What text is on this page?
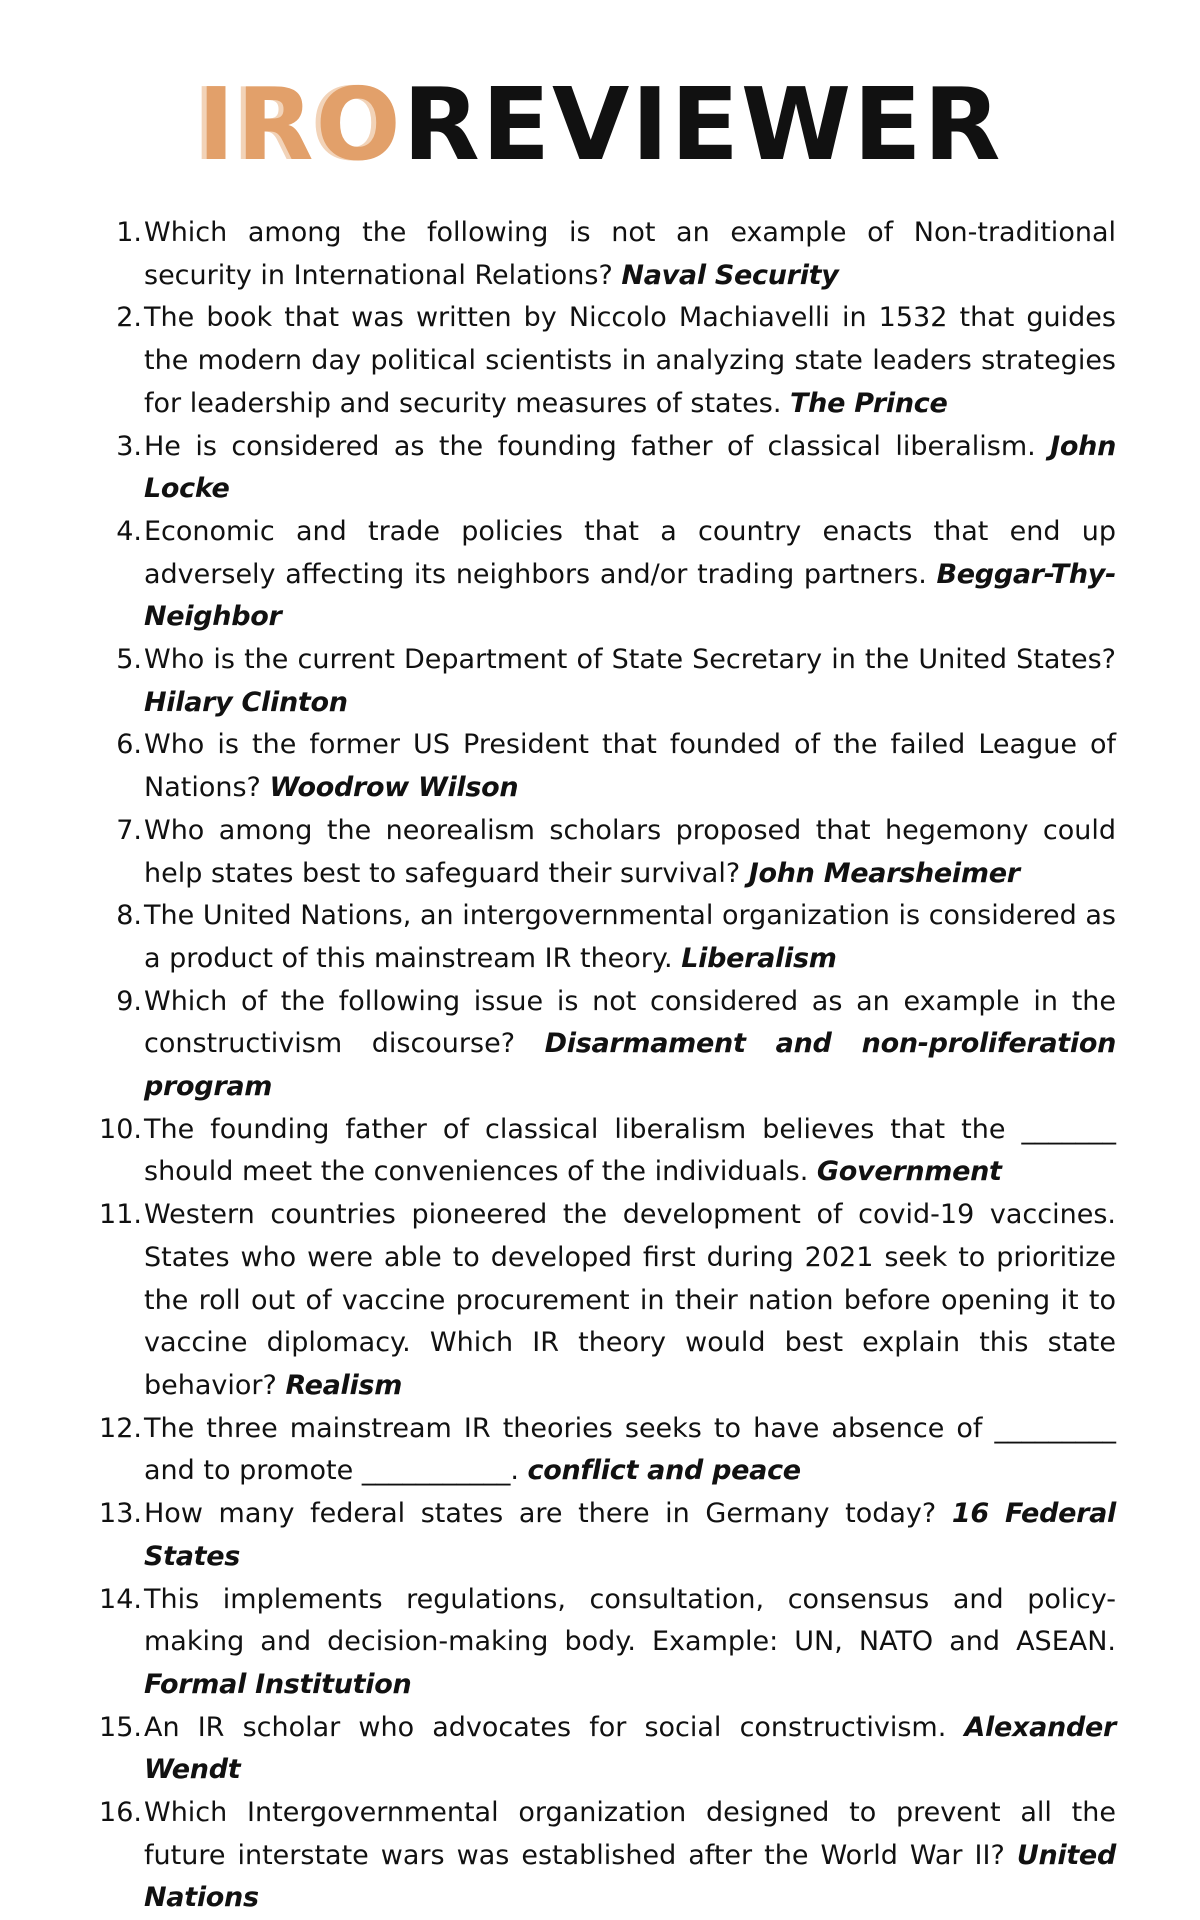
IROREVIEWER
1. Which among the following is not an example of Non-traditional security in International Relations? Naval Security
2. The book that was written by Niccolo Machiavelli in 1532 that guides the modern day political scientists in analyzing state leaders strategies for leadership and security measures of states. The Prince
3. He is considered as the founding father of classical liberalism. John Locke
4. Economic and trade policies that a country enacts that end up adversely affecting its neighbors and/or trading partners. Beggar-Thy-Neighbor
5. Who is the current Department of State Secretary in the United States? Hilary Clinton
6. Who is the former US President that founded of the failed League of Nations? Woodrow Wilson
7. Who among the neorealism scholars proposed that hegemony could help states best to safeguard their survival? John Mearsheimer
8. The United Nations, an intergovernmental organization is considered as a product of this mainstream IR theory. Liberalism
9. Which of the following issue is not considered as an example in the constructivism discourse? Disarmament and non-proliferation program
10. The founding father of classical liberalism believes that the _______ should meet the conveniences of the individuals. Government
11. Western countries pioneered the development of covid-19 vaccines. States who were able to developed first during 2021 seek to prioritize the roll out of vaccine procurement in their nation before opening it to vaccine diplomacy. Which IR theory would best explain this state behavior? Realism
12. The three mainstream IR theories seeks to have absence of _________ and to promote ___________. conflict and peace
13. How many federal states are there in Germany today? 16 Federal States
14. This implements regulations, consultation, consensus and policy-making and decision-making body. Example: UN, NATO and ASEAN. Formal Institution
15. An IR scholar who advocates for social constructivism. Alexander Wendt
16. Which Intergovernmental organization designed to prevent all the future interstate wars was established after the World War II? United Nations
